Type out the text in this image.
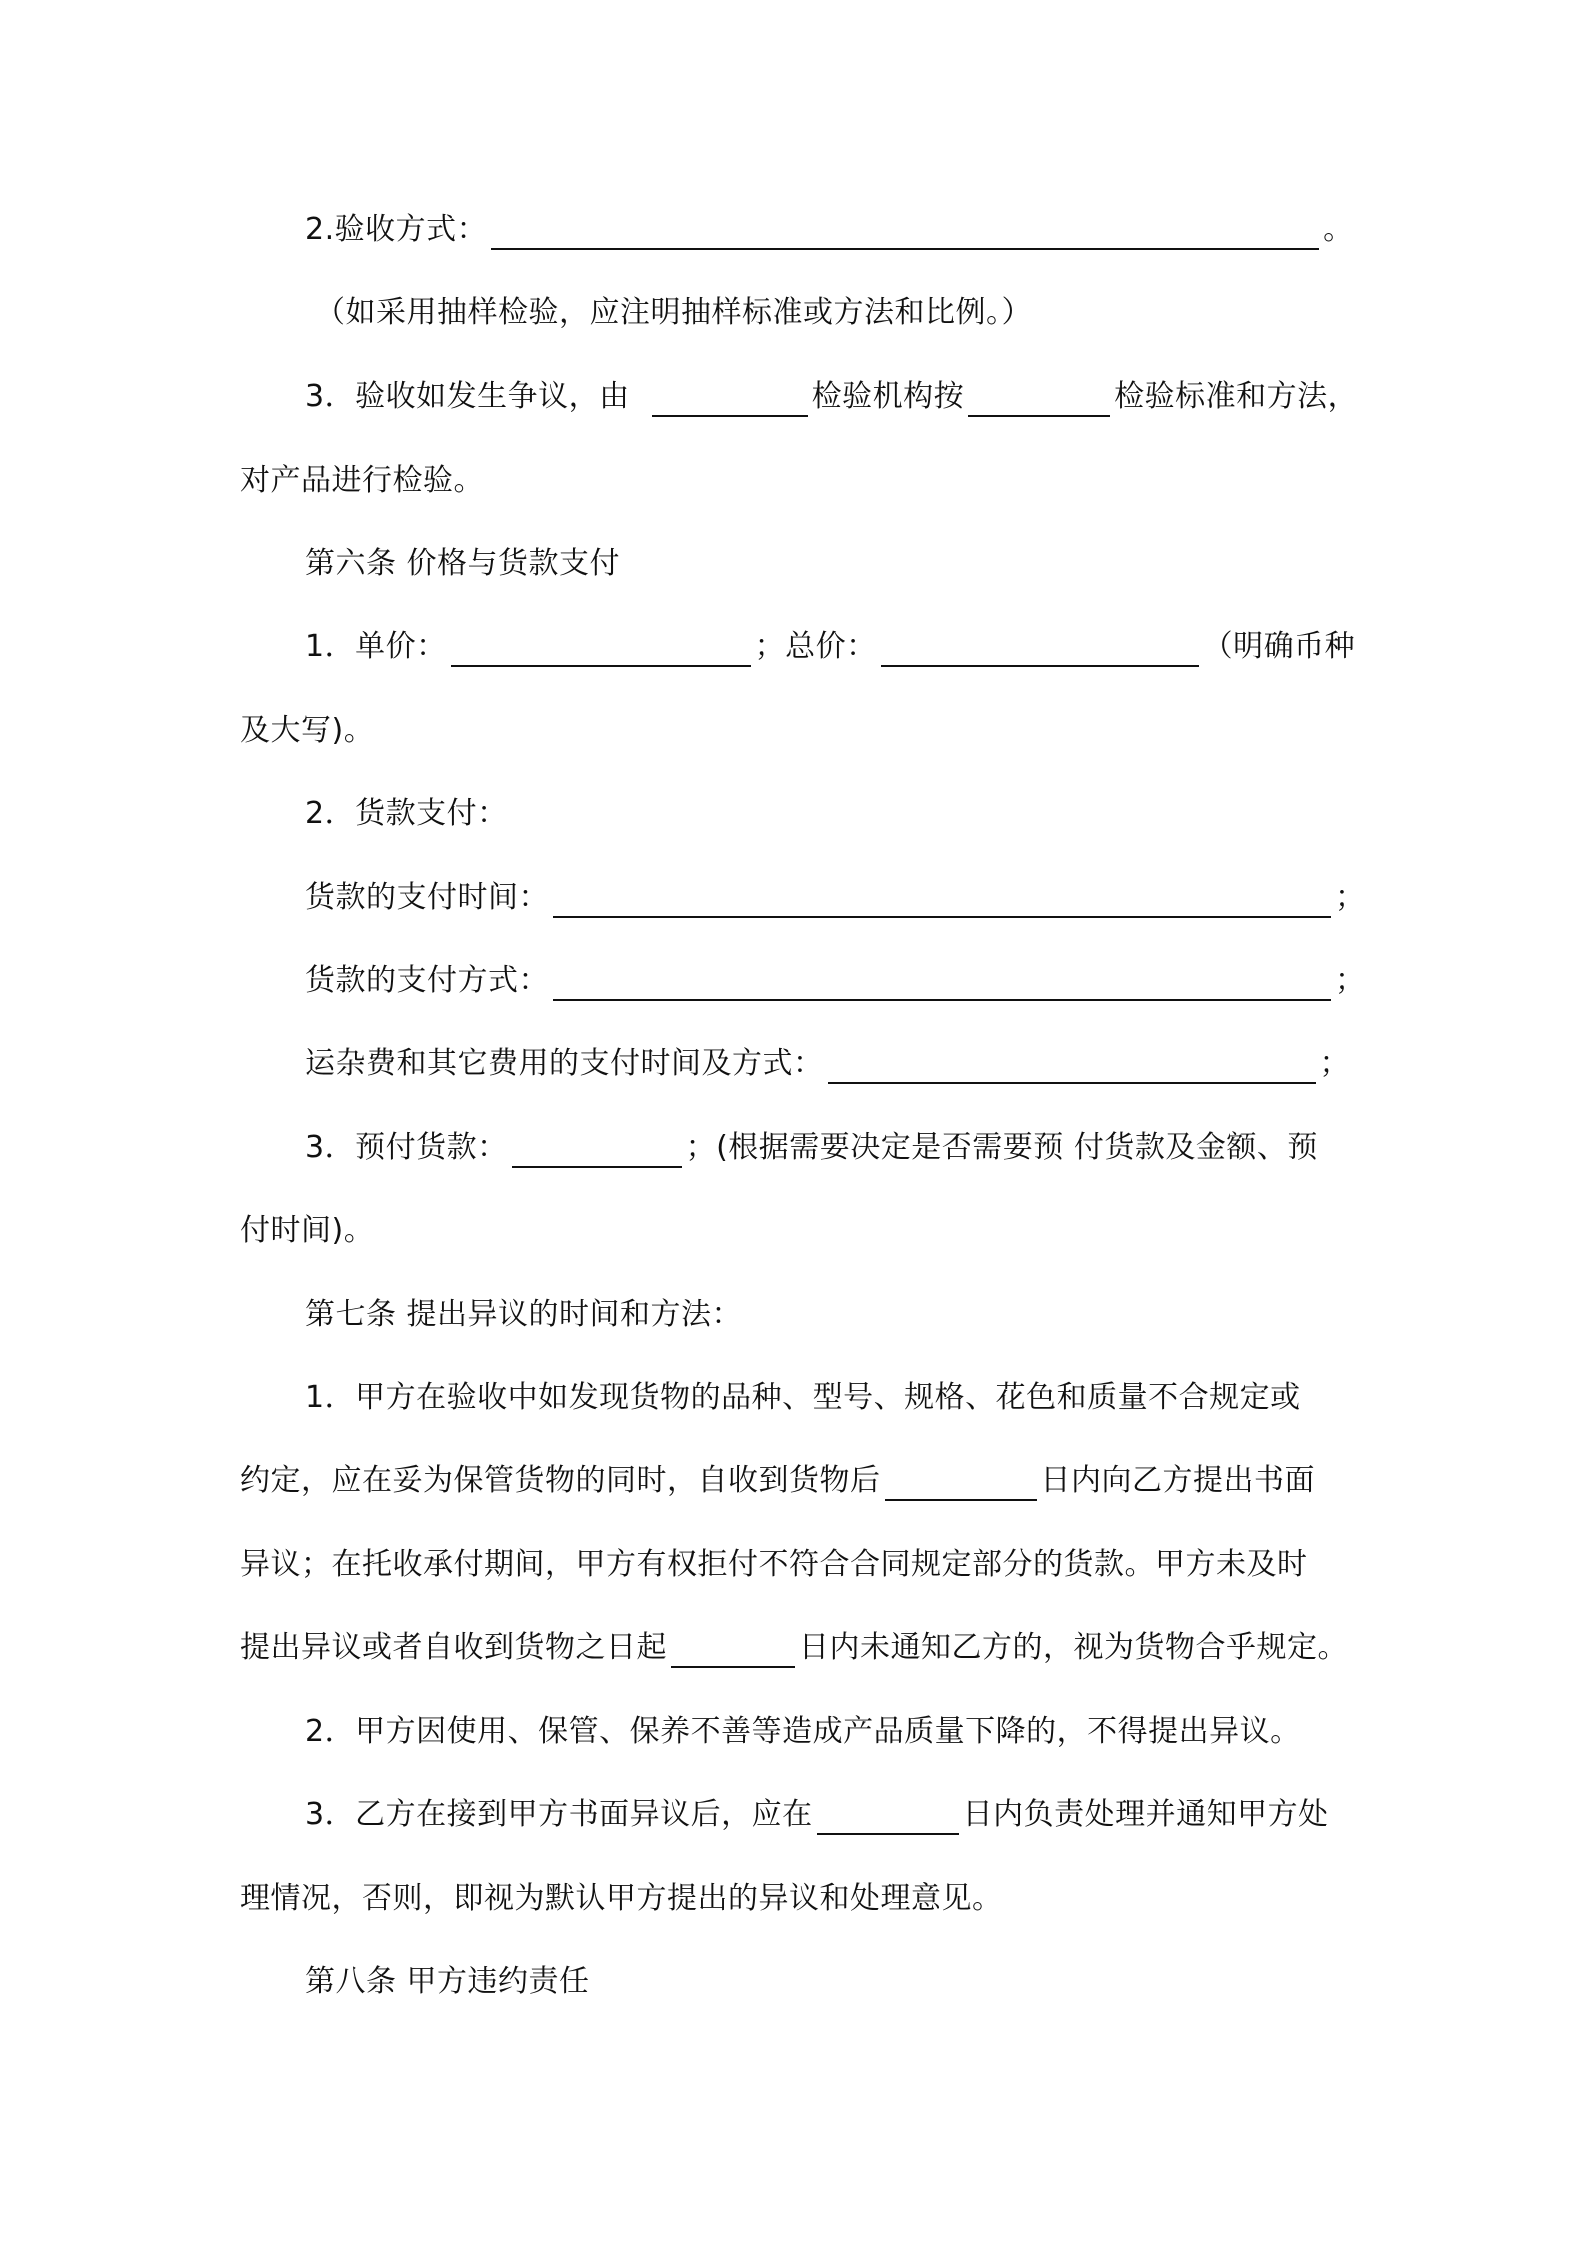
2.验收方式：	。
（如采用抽样检验，应注明抽样标准或方法和比例。）
3．验收如发生争议，由	检验机构按	检验标准和方法，
对产品进行检验。
第六条 价格与货款支付
1．单价：	；总价：	（明确币种
及大写)。
2．货款支付：
货款的支付时间：	；
货款的支付方式：	；
运杂费和其它费用的支付时间及方式：	；
3．预付货款：	；(根据需要决定是否需要预 付货款及金额、预
付时间)。
第七条 提出异议的时间和方法：
1．甲方在验收中如发现货物的品种、型号、规格、花色和质量不合规定或
约定，应在妥为保管货物的同时，自收到货物后	日内向乙方提出书面
异议；在托收承付期间，甲方有权拒付不符合合同规定部分的货款。甲方未及时
提出异议或者自收到货物之日起	日内未通知乙方的，视为货物合乎规定。
2．甲方因使用、保管、保养不善等造成产品质量下降的，不得提出异议。
3．乙方在接到甲方书面异议后，应在	日内负责处理并通知甲方处
理情况，否则，即视为默认甲方提出的异议和处理意见。
第八条 甲方违约责任
